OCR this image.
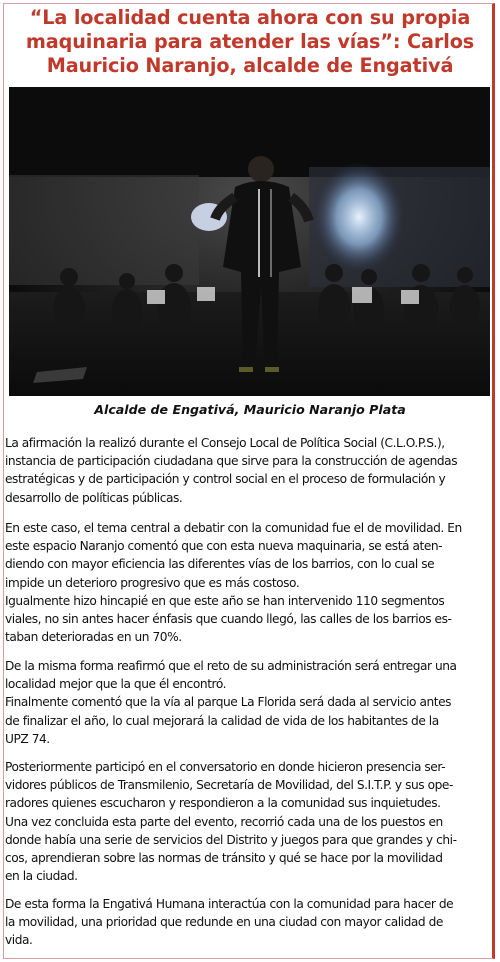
“La localidad cuenta ahora con su propia
maquinaria para atender las vías”: Carlos
Mauricio Naranjo, alcalde de Engativá
Alcalde de Engativá, Mauricio Naranjo Plata
La afirmación la realizó durante el Consejo Local de Política Social (C.L.O.P.S.),
instancia de participación ciudadana que sirve para la construcción de agendas
estratégicas y de participación y control social en el proceso de formulación y
desarrollo de políticas públicas.
En este caso, el tema central a debatir con la comunidad fue el de movilidad. En
este espacio Naranjo comentó que con esta nueva maquinaria, se está aten-
diendo con mayor eficiencia las diferentes vías de los barrios, con lo cual se
impide un deterioro progresivo que es más costoso.
Igualmente hizo hincapié en que este año se han intervenido 110 segmentos
viales, no sin antes hacer énfasis que cuando llegó, las calles de los barrios es-
taban deterioradas en un 70%.
De la misma forma reafirmó que el reto de su administración será entregar una
localidad mejor que la que él encontró.
Finalmente comentó que la vía al parque La Florida será dada al servicio antes
de finalizar el año, lo cual mejorará la calidad de vida de los habitantes de la
UPZ 74.
Posteriormente participó en el conversatorio en donde hicieron presencia ser-
vidores públicos de Transmilenio, Secretaría de Movilidad, del S.I.T.P. y sus ope-
radores quienes escucharon y respondieron a la comunidad sus inquietudes.
Una vez concluida esta parte del evento, recorrió cada una de los puestos en
donde había una serie de servicios del Distrito y juegos para que grandes y chi-
cos, aprendieran sobre las normas de tránsito y qué se hace por la movilidad
en la ciudad.
De esta forma la Engativá Humana interactúa con la comunidad para hacer de
la movilidad, una prioridad que redunde en una ciudad con mayor calidad de
vida.
